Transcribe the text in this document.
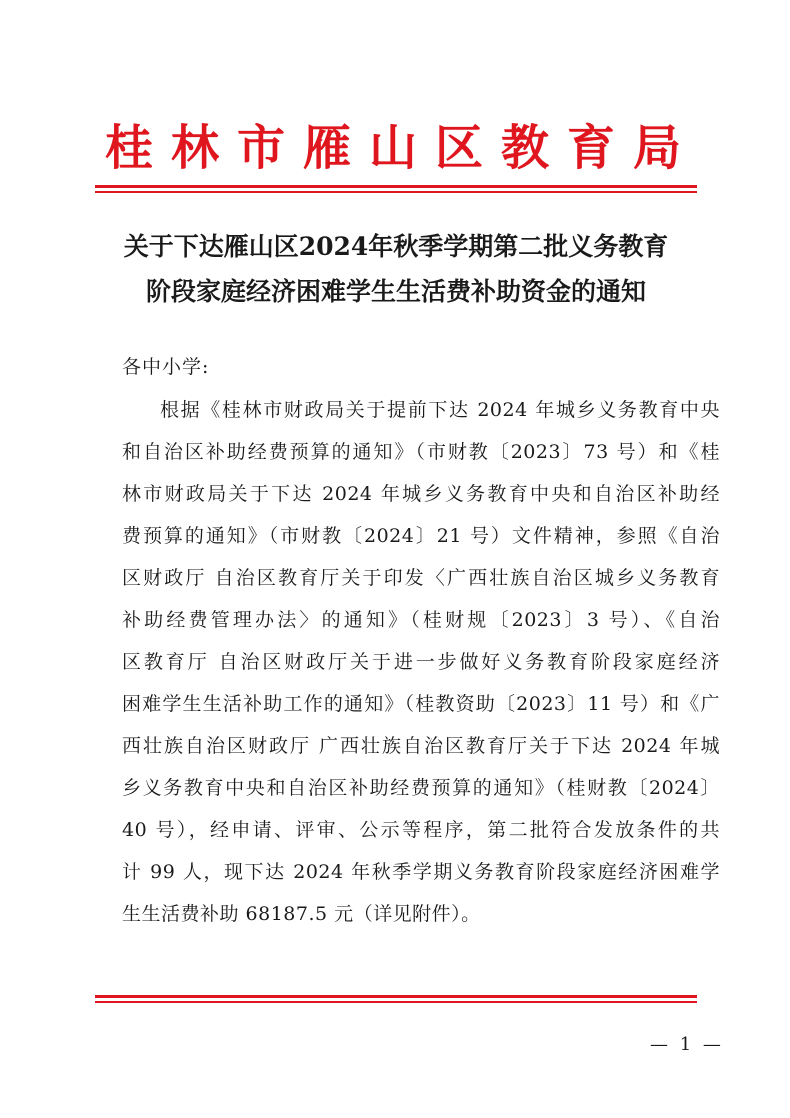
桂林市雁山区教育局
关于下达雁山区2024年秋季学期第二批义务教育
阶段家庭经济困难学生生活费补助资金的通知
各中小学:
根据《桂林市财政局关于提前下达 2024 年城乡义务教育中央
和自治区补助经费预算的通知》（市财教〔2023〕73 号）和《桂
林市财政局关于下达 2024 年城乡义务教育中央和自治区补助经
费预算的通知》（市财教〔2024〕21 号）文件精神，参照《自治
区财政厅 自治区教育厅关于印发〈广西壮族自治区城乡义务教育
补助经费管理办法〉的通知》（桂财规〔2023〕3 号）、《自治
区教育厅 自治区财政厅关于进一步做好义务教育阶段家庭经济
困难学生生活补助工作的通知》（桂教资助〔2023〕11 号）和《广
西壮族自治区财政厅 广西壮族自治区教育厅关于下达 2024 年城
乡义务教育中央和自治区补助经费预算的通知》（桂财教〔2024〕
40 号），经申请、评审、公示等程序，第二批符合发放条件的共
计 99 人，现下达 2024 年秋季学期义务教育阶段家庭经济困难学
生生活费补助 68187.5 元（详见附件）。
— 1 —
